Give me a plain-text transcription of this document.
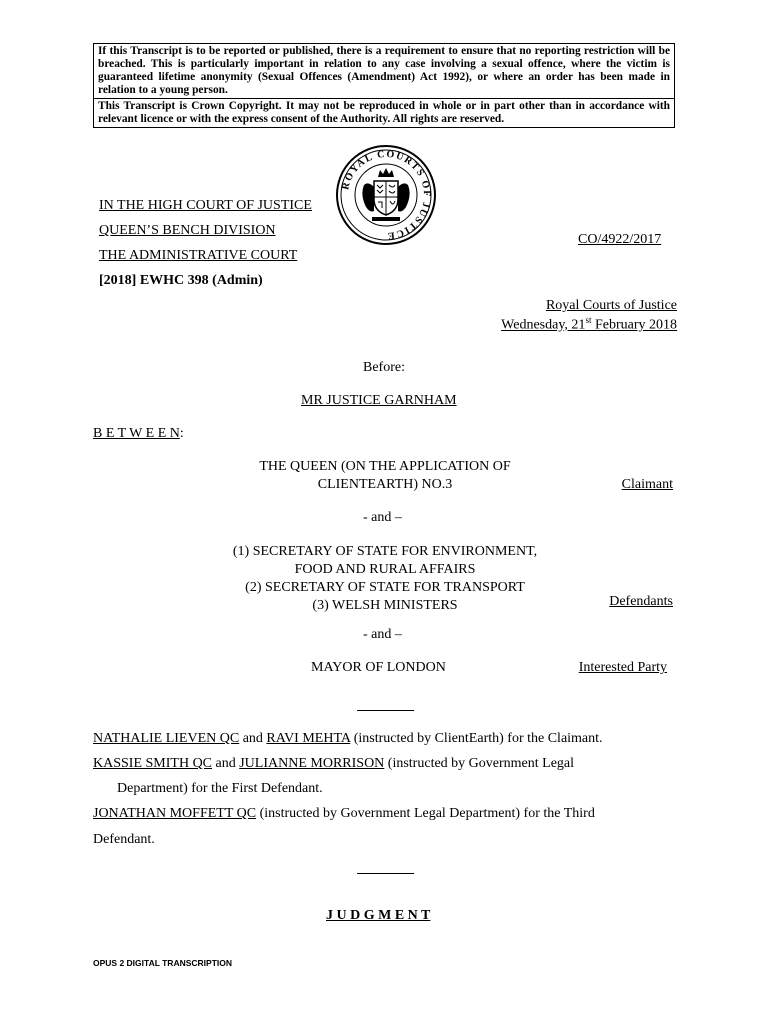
If this Transcript is to be reported or published, there is a requirement to ensure that no reporting restriction will be breached. This is particularly important in relation to any case involving a sexual offence, where the victim is guaranteed lifetime anonymity (Sexual Offences (Amendment) Act 1992), or where an order has been made in relation to a young person.

This Transcript is Crown Copyright. It may not be reproduced in whole or in part other than in accordance with relevant licence or with the express consent of the Authority. All rights are reserved.

ROYAL COURTS OF JUSTICE
IN THE HIGH COURT OF JUSTICE
QUEEN’S BENCH DIVISION
THE ADMINISTRATIVE COURT
[2018] EWHC 398 (Admin)
CO/4922/2017
Royal Courts of Justice
Wednesday, 21st February 2018
Before:
MR JUSTICE GARNHAM
B E T W E E N:
THE QUEEN (ON THE APPLICATION OF
CLIENTEARTH) NO.3	Claimant
- and –
(1) SECRETARY OF STATE FOR ENVIRONMENT,
FOOD AND RURAL AFFAIRS
(2) SECRETARY OF STATE FOR TRANSPORT
(3) WELSH MINISTERS	Defendants
- and –
MAYOR OF LONDON	Interested Party
NATHALIE LIEVEN QC and RAVI MEHTA (instructed by ClientEarth) for the Claimant.
KASSIE SMITH QC and JULIANNE MORRISON (instructed by Government Legal
Department) for the First Defendant.
JONATHAN MOFFETT QC (instructed by Government Legal Department) for the Third
Defendant.
J U D G M E N T
OPUS 2 DIGITAL TRANSCRIPTION
